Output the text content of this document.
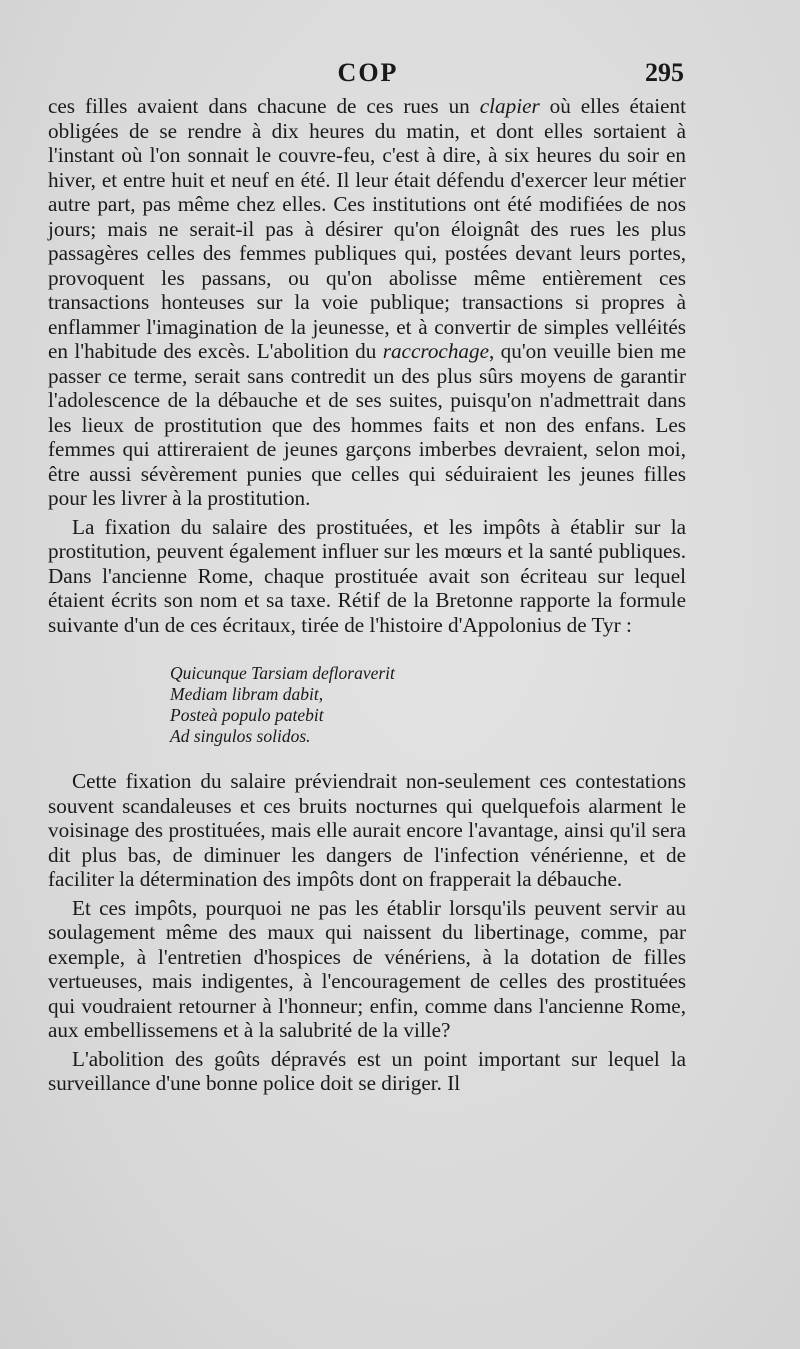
COP	295

ces filles avaient dans chacune de ces rues un clapier où elles étaient obligées de se rendre à dix heures du matin, et dont elles sortaient à l'instant où l'on sonnait le couvre-feu, c'est à dire, à six heures du soir en hiver, et entre huit et neuf en été. Il leur était défendu d'exercer leur métier autre part, pas même chez elles. Ces institutions ont été modifiées de nos jours; mais ne serait-il pas à désirer qu'on éloignât des rues les plus passagères celles des femmes publiques qui, postées devant leurs portes, provoquent les passans, ou qu'on abolisse même entièrement ces transactions honteuses sur la voie publique; transactions si propres à enflammer l'imagination de la jeunesse, et à convertir de simples velléités en l'habitude des excès. L'abolition du raccrochage, qu'on veuille bien me passer ce terme, serait sans contredit un des plus sûrs moyens de garantir l'adolescence de la débauche et de ses suites, puisqu'on n'admettrait dans les lieux de prostitution que des hommes faits et non des enfans. Les femmes qui attireraient de jeunes garçons imberbes devraient, selon moi, être aussi sévèrement punies que celles qui séduiraient les jeunes filles pour les livrer à la prostitution.

La fixation du salaire des prostituées, et les impôts à établir sur la prostitution, peuvent également influer sur les mœurs et la santé publiques. Dans l'ancienne Rome, chaque prostituée avait son écriteau sur lequel étaient écrits son nom et sa taxe. Rétif de la Bretonne rapporte la formule suivante d'un de ces écritaux, tirée de l'histoire d'Appolonius de Tyr :

Quicunque Tarsiam defloraverit
Mediam libram dabit,
Posteà populo patebit
Ad singulos solidos.

Cette fixation du salaire préviendrait non-seulement ces contestations souvent scandaleuses et ces bruits nocturnes qui quelquefois alarment le voisinage des prostituées, mais elle aurait encore l'avantage, ainsi qu'il sera dit plus bas, de diminuer les dangers de l'infection vénérienne, et de faciliter la détermination des impôts dont on frapperait la débauche.

Et ces impôts, pourquoi ne pas les établir lorsqu'ils peuvent servir au soulagement même des maux qui naissent du libertinage, comme, par exemple, à l'entretien d'hospices de vénériens, à la dotation de filles vertueuses, mais indigentes, à l'encouragement de celles des prostituées qui voudraient retourner à l'honneur; enfin, comme dans l'ancienne Rome, aux embellissemens et à la salubrité de la ville?

L'abolition des goûts dépravés est un point important sur lequel la surveillance d'une bonne police doit se diriger. Il
